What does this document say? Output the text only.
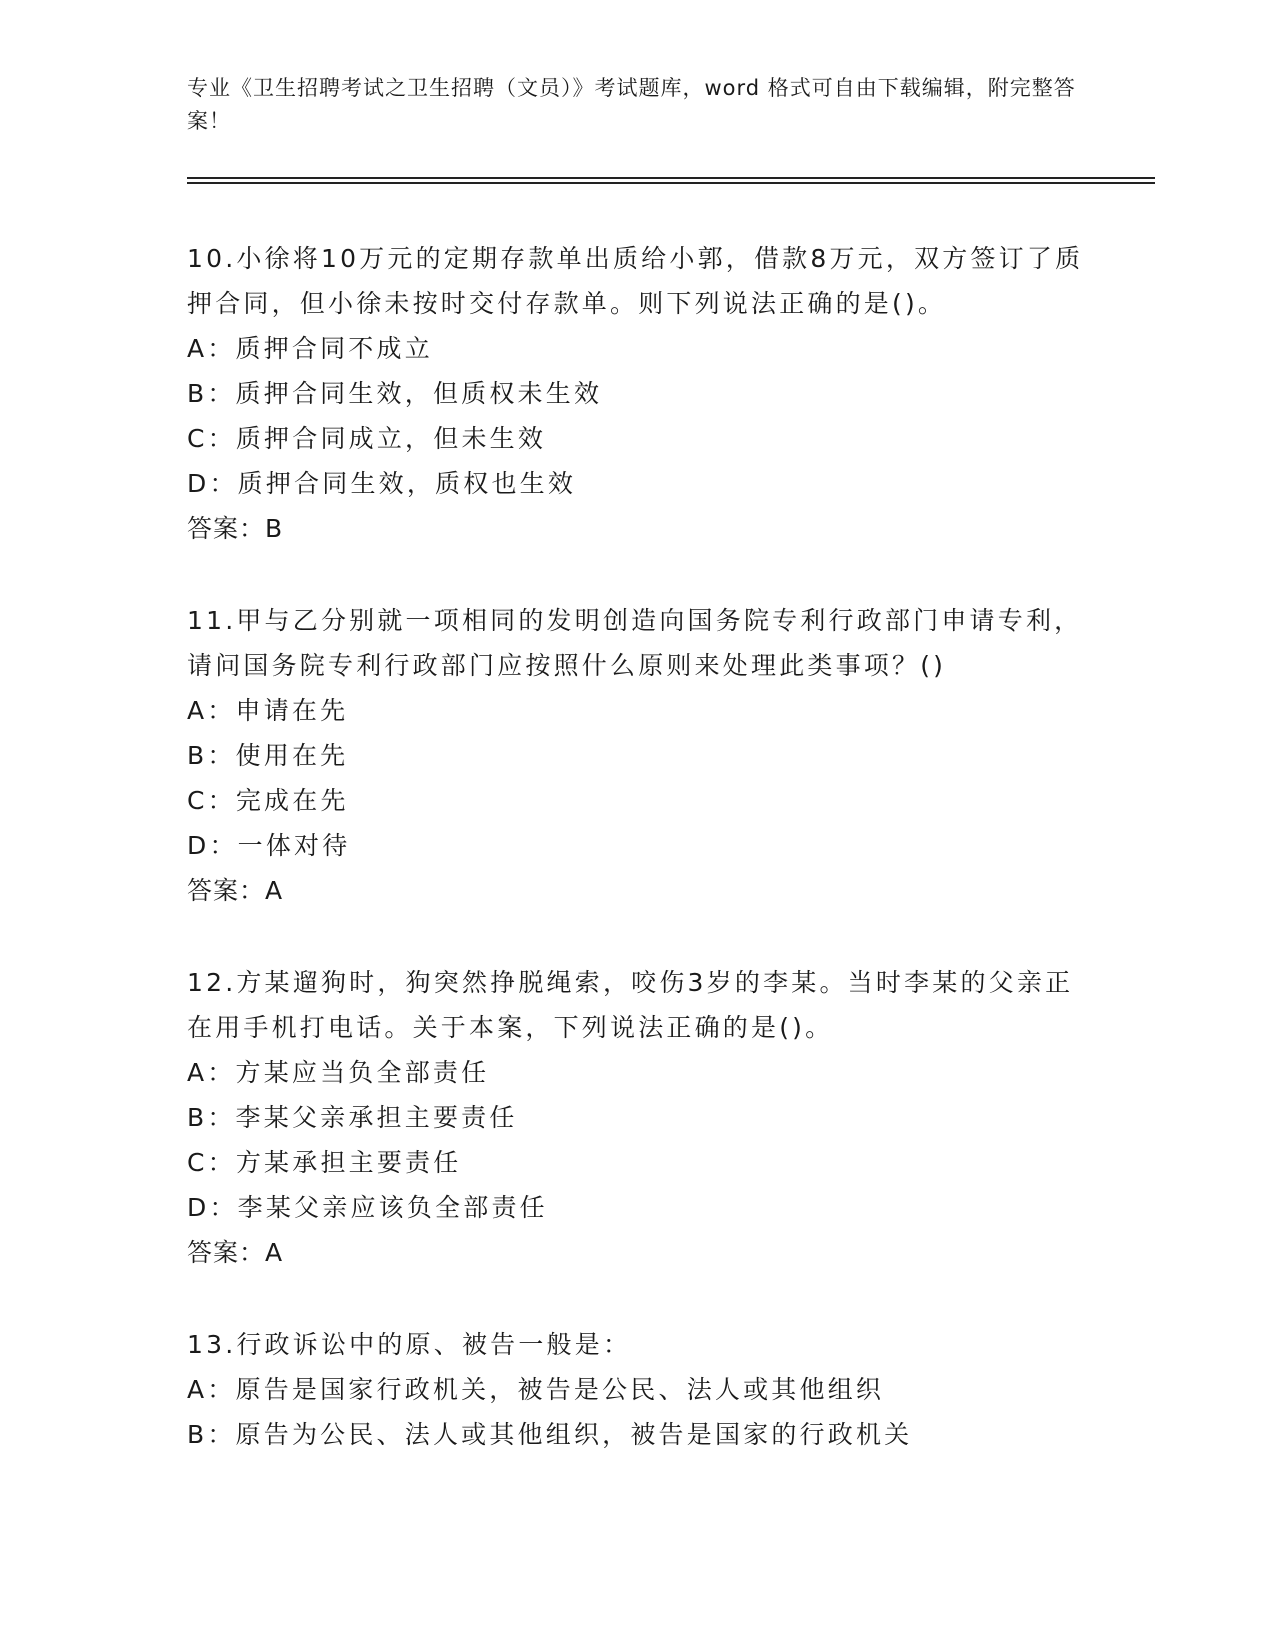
专业《卫生招聘考试之卫生招聘（文员）》考试题库，word 格式可自由下载编辑，附完整答案！
10.小徐将10万元的定期存款单出质给小郭，借款8万元，双方签订了质押合同，但小徐未按时交付存款单。则下列说法正确的是()。
A：质押合同不成立
B：质押合同生效，但质权未生效
C：质押合同成立，但未生效
D：质押合同生效，质权也生效
答案：B
11.甲与乙分别就一项相同的发明创造向国务院专利行政部门申请专利，请问国务院专利行政部门应按照什么原则来处理此类事项？()
A：申请在先
B：使用在先
C：完成在先
D：一体对待
答案：A
12.方某遛狗时，狗突然挣脱绳索，咬伤3岁的李某。当时李某的父亲正在用手机打电话。关于本案，下列说法正确的是()。
A：方某应当负全部责任
B：李某父亲承担主要责任
C：方某承担主要责任
D：李某父亲应该负全部责任
答案：A
13.行政诉讼中的原、被告一般是：
A：原告是国家行政机关，被告是公民、法人或其他组织
B：原告为公民、法人或其他组织，被告是国家的行政机关
